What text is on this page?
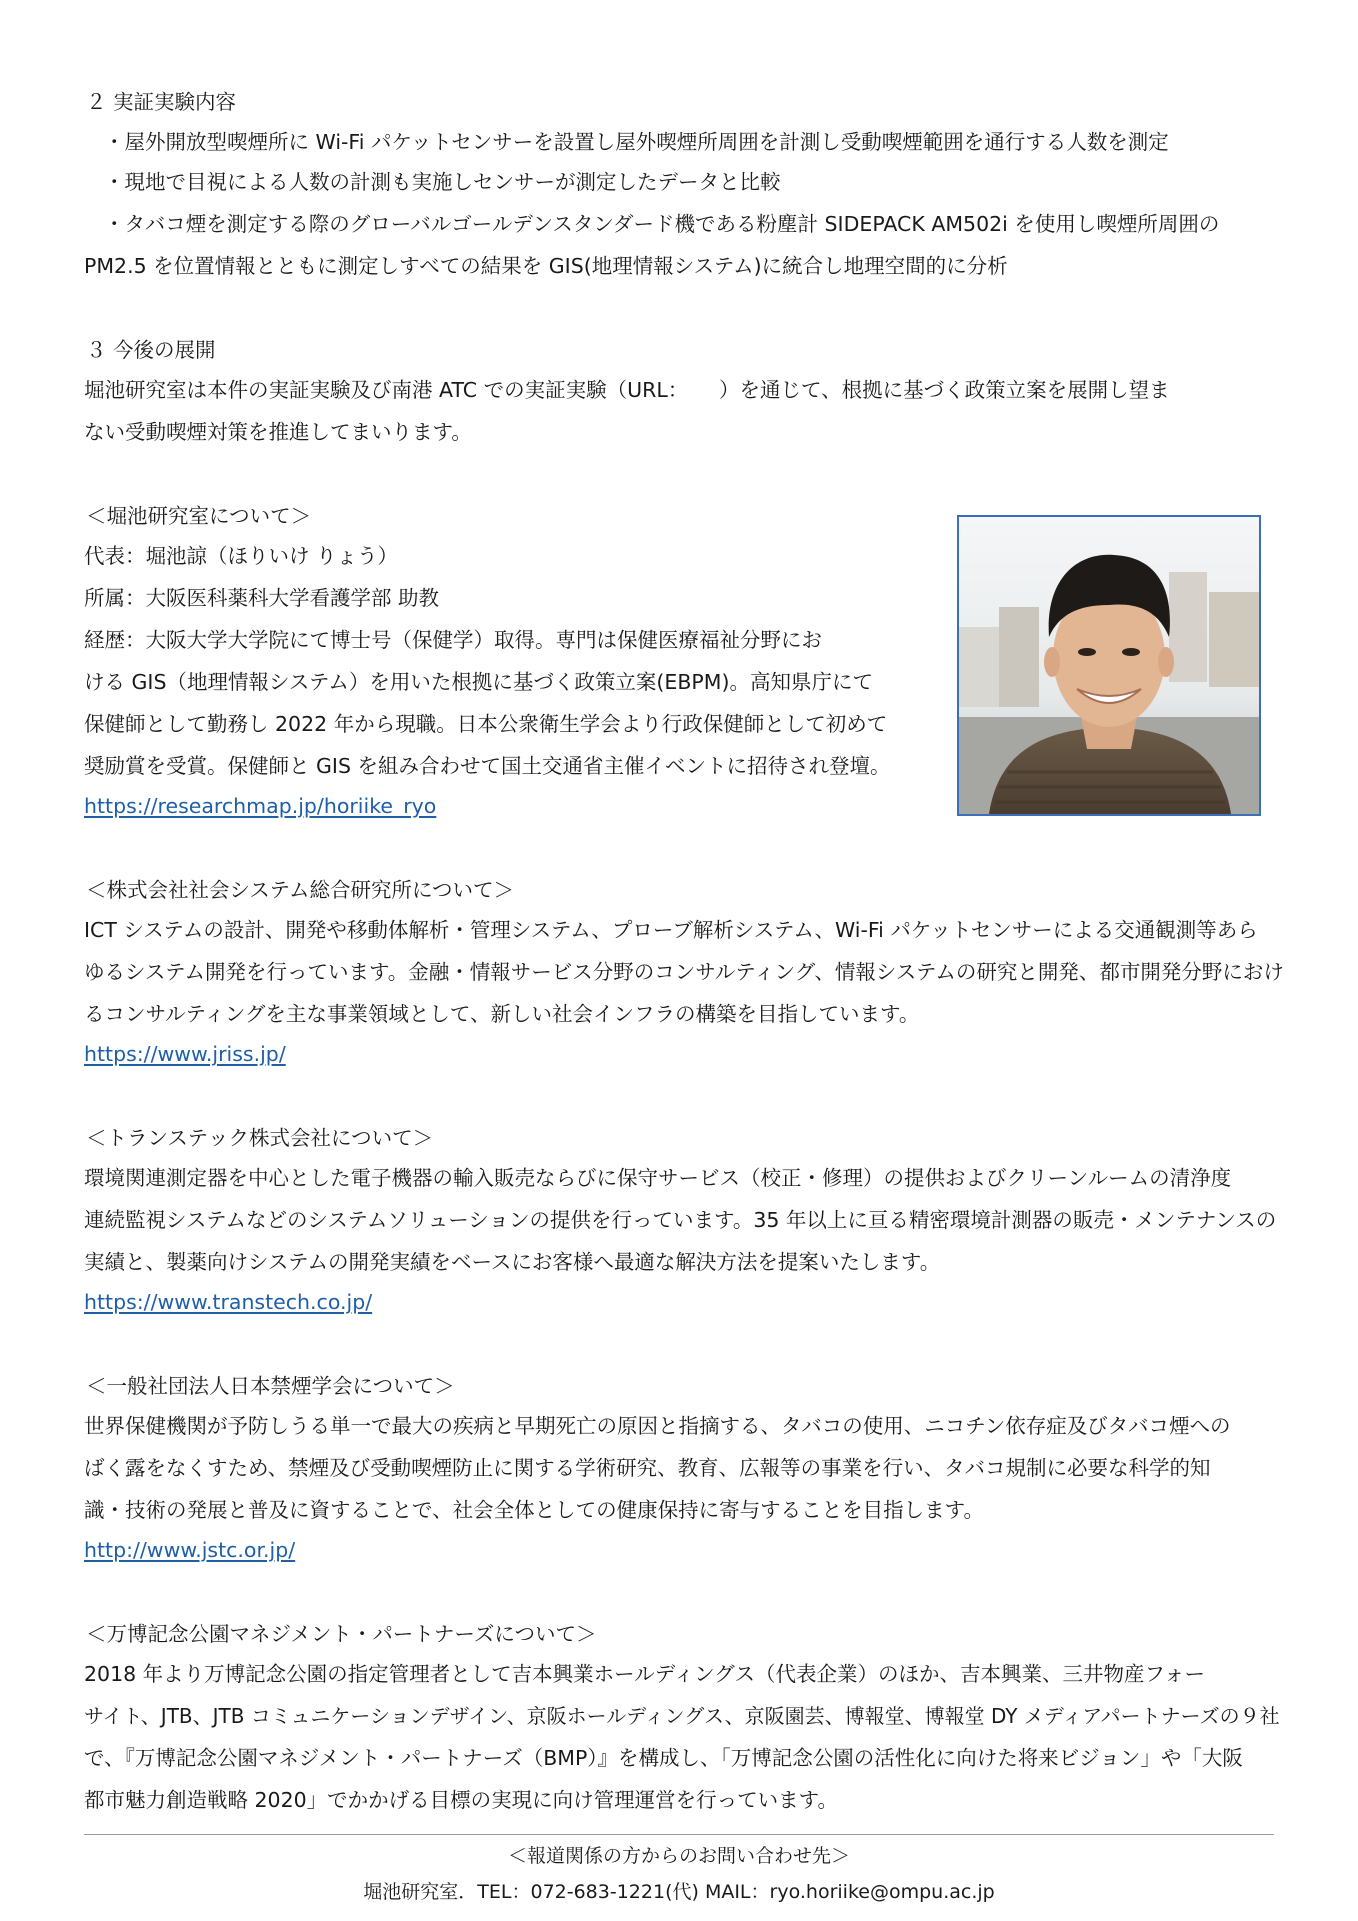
２ 実証実験内容
・屋外開放型喫煙所に Wi-Fi パケットセンサーを設置し屋外喫煙所周囲を計測し受動喫煙範囲を通行する人数を測定
・現地で目視による人数の計測も実施しセンサーが測定したデータと比較
・タバコ煙を測定する際のグローバルゴールデンスタンダード機である粉塵計 SIDEPACK AM502i を使用し喫煙所周囲の
PM2.5 を位置情報とともに測定しすべての結果を GIS(地理情報システム)に統合し地理空間的に分析
３ 今後の展開
堀池研究室は本件の実証実験及び南港 ATC での実証実験（URL：　　）を通じて、根拠に基づく政策立案を展開し望ま
ない受動喫煙対策を推進してまいります。
＜堀池研究室について＞
代表：堀池諒（ほりいけ りょう）
所属：大阪医科薬科大学看護学部 助教
経歴：大阪大学大学院にて博士号（保健学）取得。専門は保健医療福祉分野にお
ける GIS（地理情報システム）を用いた根拠に基づく政策立案(EBPM)。高知県庁にて
保健師として勤務し 2022 年から現職。日本公衆衛生学会より行政保健師として初めて
奨励賞を受賞。保健師と GIS を組み合わせて国土交通省主催イベントに招待され登壇。
https://researchmap.jp/horiike_ryo
＜株式会社社会システム総合研究所について＞
ICT システムの設計、開発や移動体解析・管理システム、プローブ解析システム、Wi-Fi パケットセンサーによる交通観測等あら
ゆるシステム開発を行っています。金融・情報サービス分野のコンサルティング、情報システムの研究と開発、都市開発分野におけ
るコンサルティングを主な事業領域として、新しい社会インフラの構築を目指しています。
https://www.jriss.jp/
＜トランステック株式会社について＞
環境関連測定器を中心とした電子機器の輸入販売ならびに保守サービス（校正・修理）の提供およびクリーンルームの清浄度
連続監視システムなどのシステムソリューションの提供を行っています。35 年以上に亘る精密環境計測器の販売・メンテナンスの
実績と、製薬向けシステムの開発実績をベースにお客様へ最適な解決方法を提案いたします。
https://www.transtech.co.jp/
＜一般社団法人日本禁煙学会について＞
世界保健機関が予防しうる単一で最大の疾病と早期死亡の原因と指摘する、タバコの使用、ニコチン依存症及びタバコ煙への
ばく露をなくすため、禁煙及び受動喫煙防止に関する学術研究、教育、広報等の事業を行い、タバコ規制に必要な科学的知
識・技術の発展と普及に資することで、社会全体としての健康保持に寄与することを目指します。
http://www.jstc.or.jp/
＜万博記念公園マネジメント・パートナーズについて＞
2018 年より万博記念公園の指定管理者として吉本興業ホールディングス（代表企業）のほか、吉本興業、三井物産フォー
サイト、JTB、JTB コミュニケーションデザイン、京阪ホールディングス、京阪園芸、博報堂、博報堂 DY メディアパートナーズの９社
で、『万博記念公園マネジメント・パートナーズ（BMP）』を構成し、「万博記念公園の活性化に向けた将来ビジョン」や「大阪
都市魅力創造戦略 2020」でかかげる目標の実現に向け管理運営を行っています。
＜報道関係の方からのお問い合わせ先＞
堀池研究室．TEL：072-683-1221(代) MAIL：ryo.horiike@ompu.ac.jp
